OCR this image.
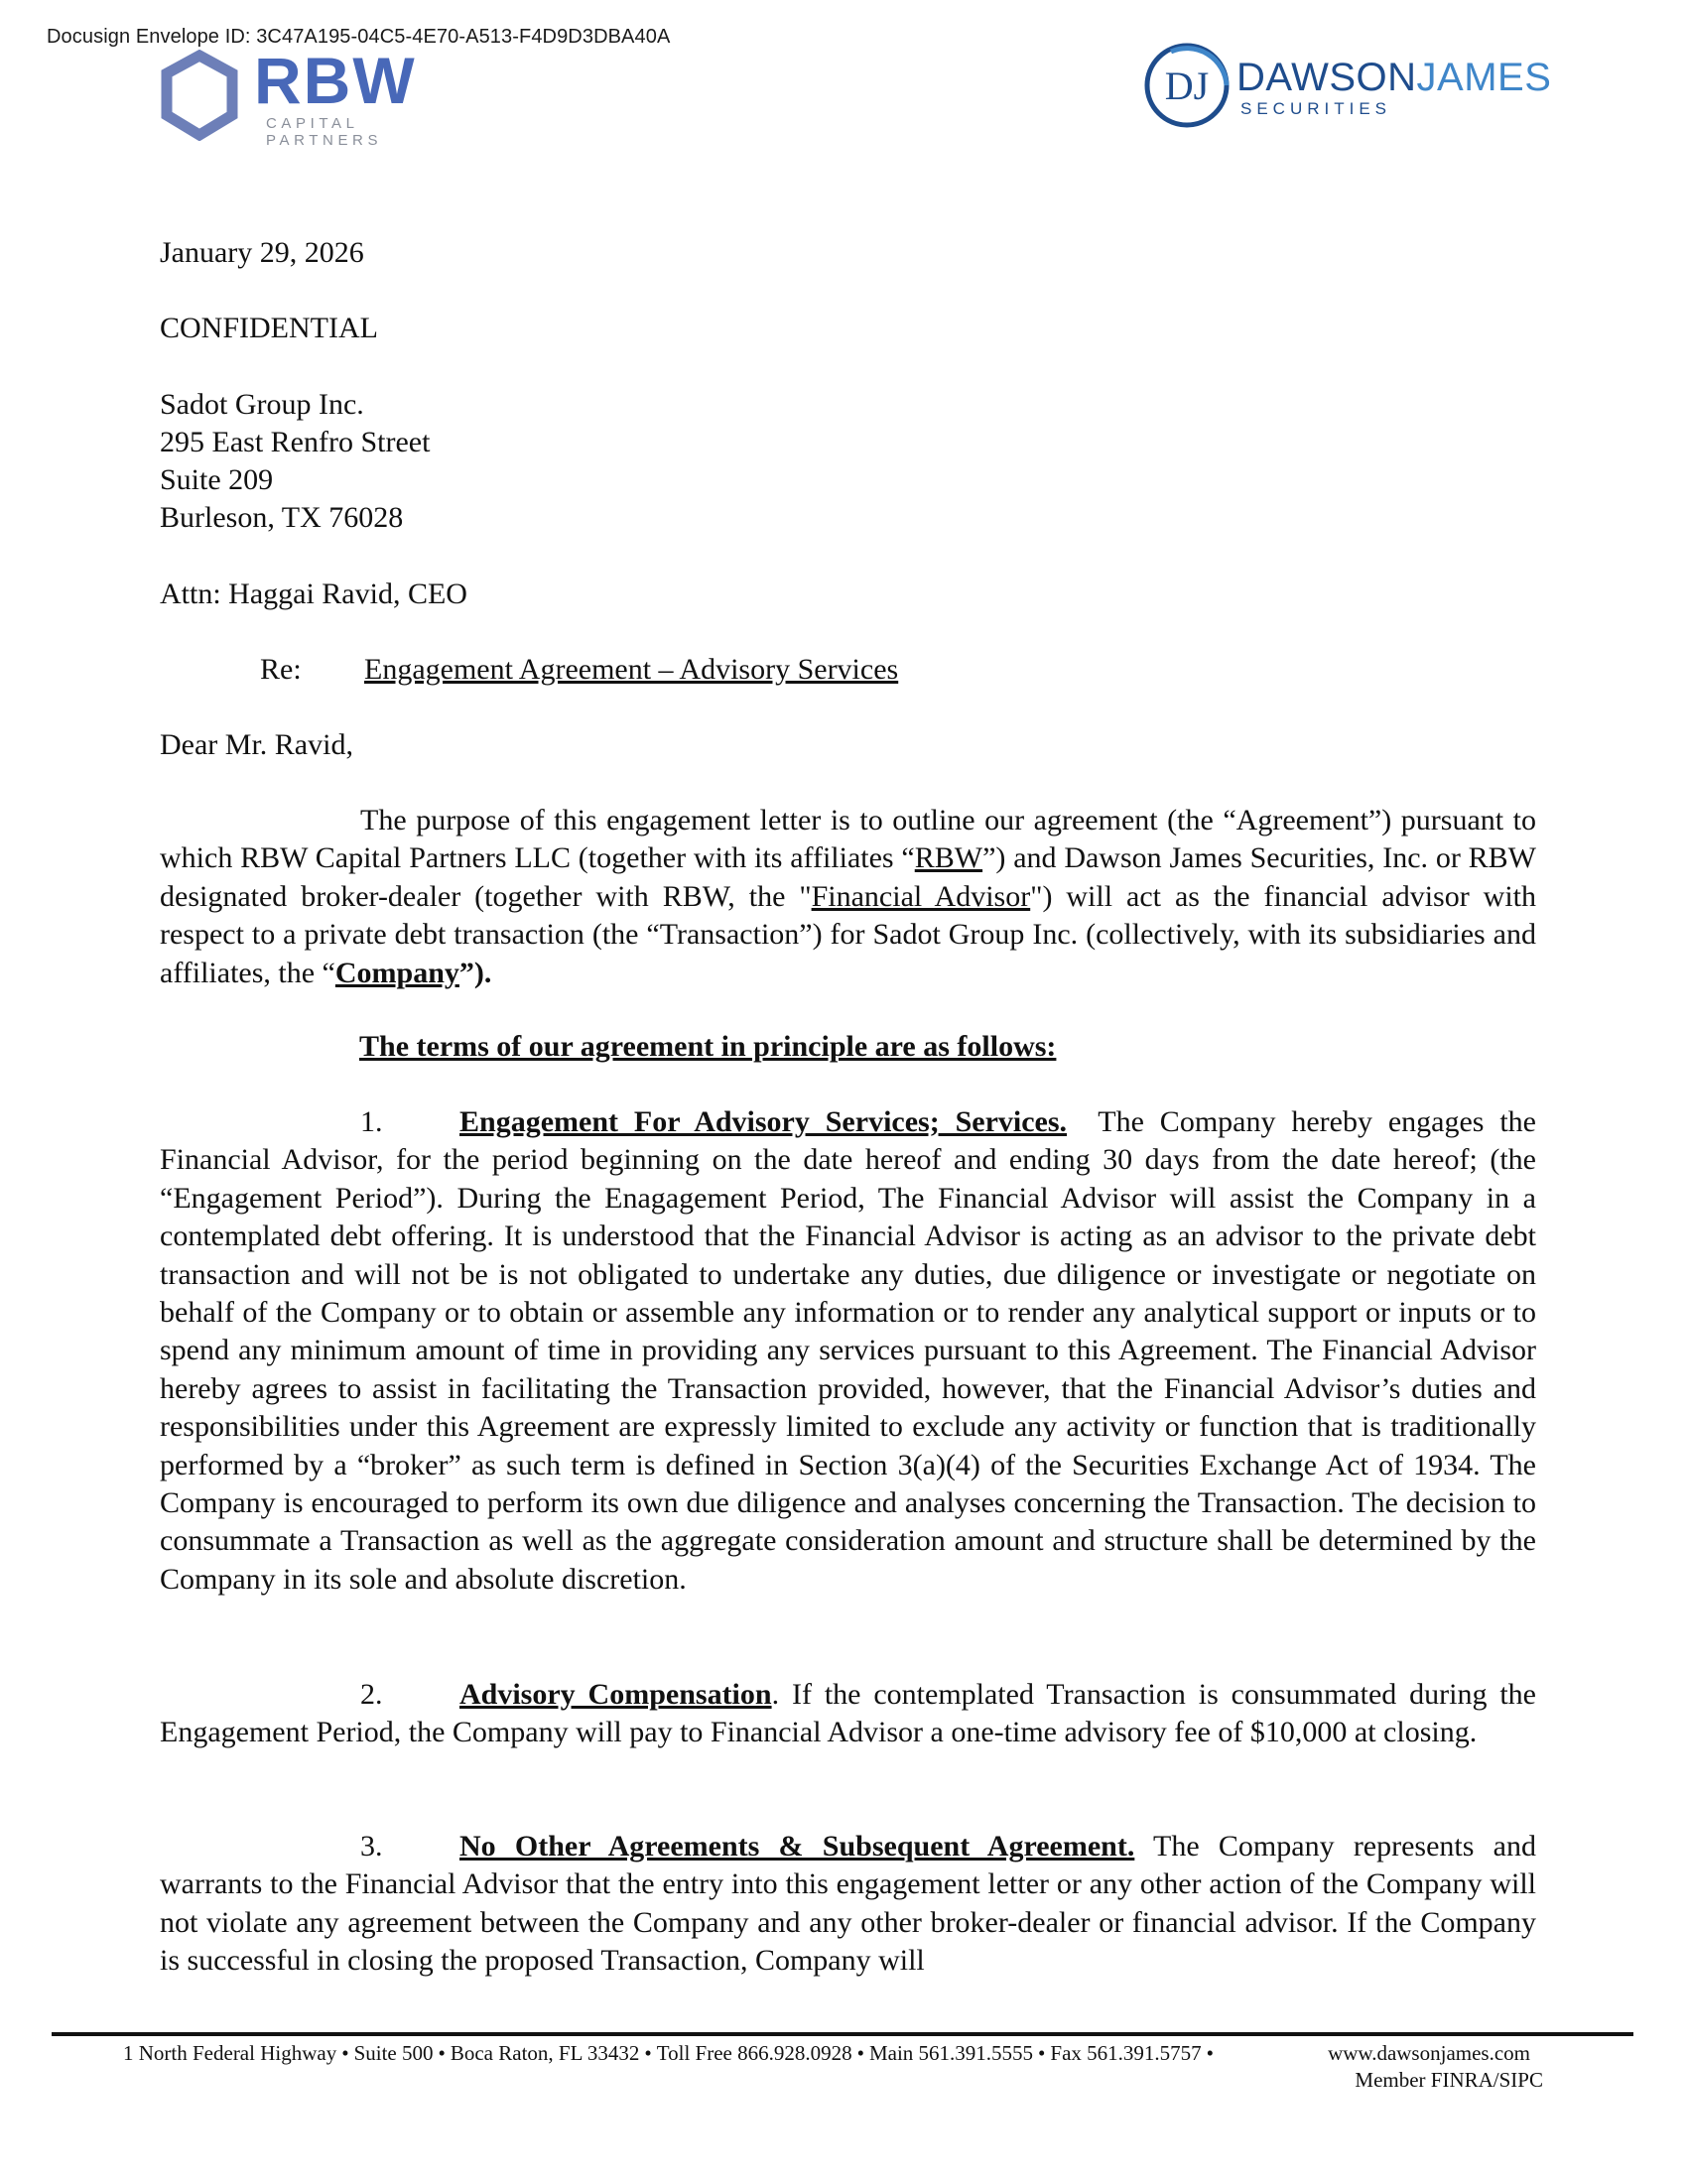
Docusign Envelope ID: 3C47A195-04C5-4E70-A513-F4D9D3DBA40A
RBW
CAPITAL PARTNERS
DJ DAWSONJAMES
SECURITIES
January 29, 2026
CONFIDENTIAL
Sadot Group Inc.
295 East Renfro Street
Suite 209
Burleson, TX 76028
Attn: Haggai Ravid, CEO
Re: Engagement Agreement – Advisory Services
Dear Mr. Ravid,
The purpose of this engagement letter is to outline our agreement (the “Agreement”) pursuant to which RBW Capital Partners LLC (together with its affiliates “RBW”) and Dawson James Securities, Inc. or RBW designated broker-dealer (together with RBW, the "Financial Advisor") will act as the financial advisor with respect to a private debt transaction (the “Transaction”) for Sadot Group Inc. (collectively, with its subsidiaries and affiliates, the “Company”).
The terms of our agreement in principle are as follows:
1.	Engagement For Advisory Services; Services. The Company hereby engages the Financial Advisor, for the period beginning on the date hereof and ending 30 days from the date hereof; (the “Engagement Period”). During the Enagagement Period, The Financial Advisor will assist the Company in a contemplated debt offering. It is understood that the Financial Advisor is acting as an advisor to the private debt transaction and will not be is not obligated to undertake any duties, due diligence or investigate or negotiate on behalf of the Company or to obtain or assemble any information or to render any analytical support or inputs or to spend any minimum amount of time in providing any services pursuant to this Agreement. The Financial Advisor hereby agrees to assist in facilitating the Transaction provided, however, that the Financial Advisor’s duties and responsibilities under this Agreement are expressly limited to exclude any activity or function that is traditionally performed by a “broker” as such term is defined in Section 3(a)(4) of the Securities Exchange Act of 1934. The Company is encouraged to perform its own due diligence and analyses concerning the Transaction. The decision to consummate a Transaction as well as the aggregate consideration amount and structure shall be determined by the Company in its sole and absolute discretion.
2.	Advisory Compensation. If the contemplated Transaction is consummated during the Engagement Period, the Company will pay to Financial Advisor a one-time advisory fee of $10,000 at closing.
3.	No Other Agreements & Subsequent Agreement. The Company represents and warrants to the Financial Advisor that the entry into this engagement letter or any other action of the Company will not violate any agreement between the Company and any other broker-dealer or financial advisor. If the Company is successful in closing the proposed Transaction, Company will
1 North Federal Highway • Suite 500 • Boca Raton, FL 33432 • Toll Free 866.928.0928 • Main 561.391.5555 • Fax 561.391.5757 •	www.dawsonjames.com
Member FINRA/SIPC
